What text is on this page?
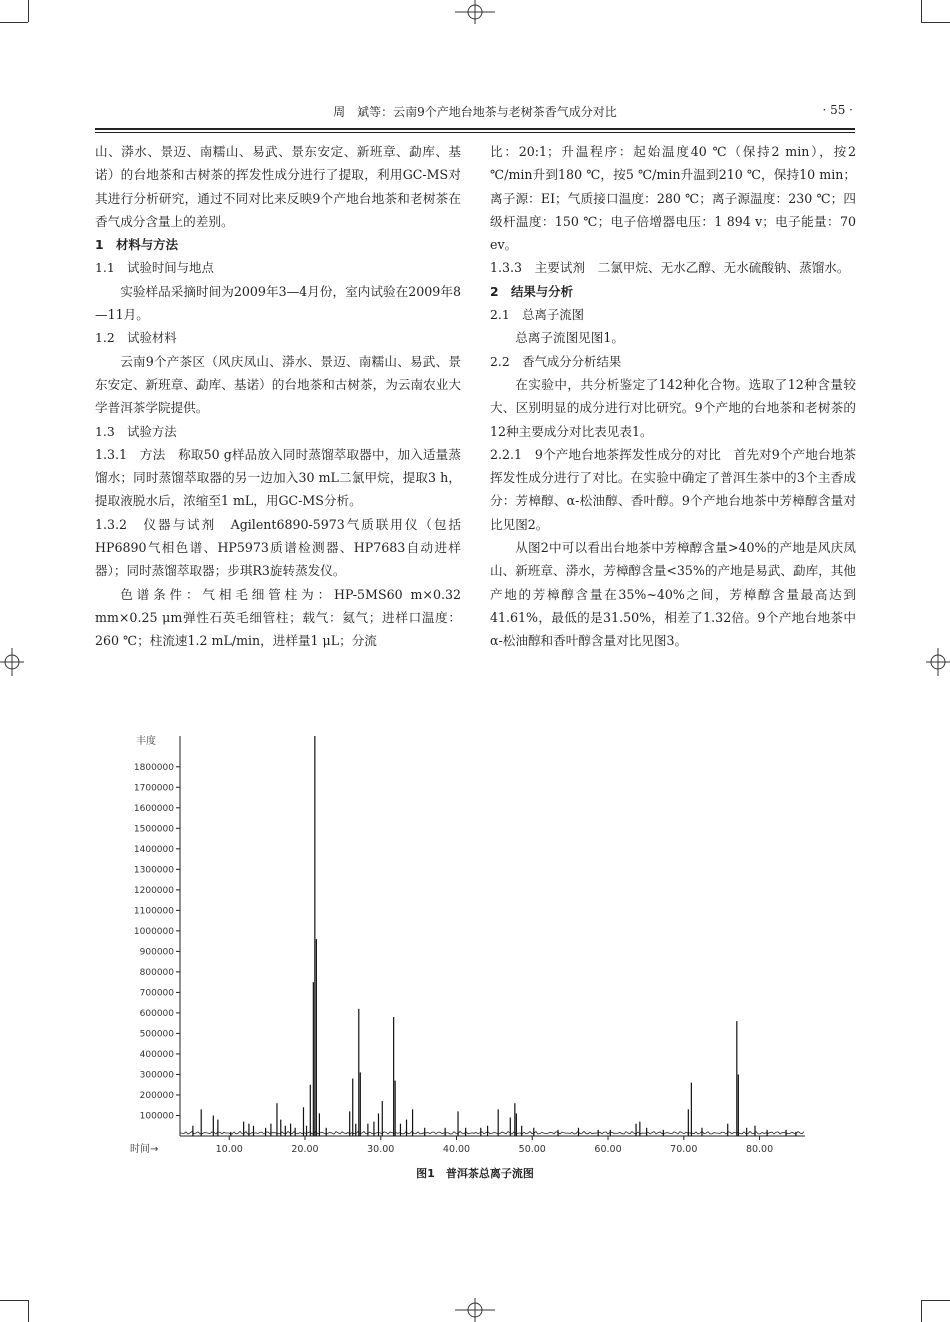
周　斌等：云南9个产地台地茶与老树茶香气成分对比	· 55 ·

山、漭水、景迈、南糯山、易武、景东安定、新班章、勐库、基诺）的台地茶和古树茶的挥发性成分进行了提取，利用GC-MS对其进行分析研究，通过不同对比来反映9个产地台地茶和老树茶在香气成分含量上的差别。

1　材料与方法

1.1　试验时间与地点

实验样品采摘时间为2009年3—4月份，室内试验在2009年8—11月。

1.2　试验材料

云南9个产茶区（风庆凤山、漭水、景迈、南糯山、易武、景东安定、新班章、勐库、基诺）的台地茶和古树茶，为云南农业大学普洱茶学院提供。

1.3　试验方法

1.3.1　方法　称取50 g样品放入同时蒸馏萃取器中，加入适量蒸馏水；同时蒸馏萃取器的另一边加入30 mL二氯甲烷，提取3 h，提取液脱水后，浓缩至1 mL，用GC-MS分析。

1.3.2　仪器与试剂　Agilent6890-5973气质联用仪（包括HP6890气相色谱、HP5973质谱检测器、HP7683自动进样器）；同时蒸馏萃取器；步琪R3旋转蒸发仪。

色谱条件：气相毛细管柱为：HP-5MS60 m×0.32 mm×0.25 μm弹性石英毛细管柱；载气：氦气；进样口温度：260 ℃；柱流速1.2 mL/min，进样量1 μL；分流

比：20:1；升温程序：起始温度40 ℃（保持2 min），按2 ℃/min升到180 ℃，按5 ℃/min升温到210 ℃，保持10 min；离子源：EI；气质接口温度：280 ℃；离子源温度：230 ℃；四级杆温度：150 ℃；电子倍增器电压：1 894 v；电子能量：70 ev。

1.3.3　主要试剂　二氯甲烷、无水乙醇、无水硫酸钠、蒸馏水。

2　结果与分析

2.1　总离子流图

总离子流图见图1。

2.2　香气成分分析结果

在实验中，共分析鉴定了142种化合物。选取了12种含量较大、区别明显的成分进行对比研究。9个产地的台地茶和老树茶的12种主要成分对比表见表1。

2.2.1　9个产地台地茶挥发性成分的对比　首先对9个产地台地茶挥发性成分进行了对比。在实验中确定了普洱生茶中的3个主香成分：芳樟醇、α-松油醇、香叶醇。9个产地台地茶中芳樟醇含量对比见图2。

从图2中可以看出台地茶中芳樟醇含量>40%的产地是风庆凤山、新班章、漭水，芳樟醇含量<35%的产地是易武、勐库，其他产地的芳樟醇含量在35%~40%之间，芳樟醇含量最高达到41.61%，最低的是31.50%，相差了1.32倍。9个产地台地茶中α-松油醇和香叶醇含量对比见图3。

丰度
100000
200000
300000
400000
500000
600000
700000
800000
900000
1000000
1100000
1200000
1300000
1400000
1500000
1600000
1700000
1800000
时间→	10.00	20.00	30.00	40.00	50.00	60.00	70.00	80.00
图1　普洱茶总离子流图
